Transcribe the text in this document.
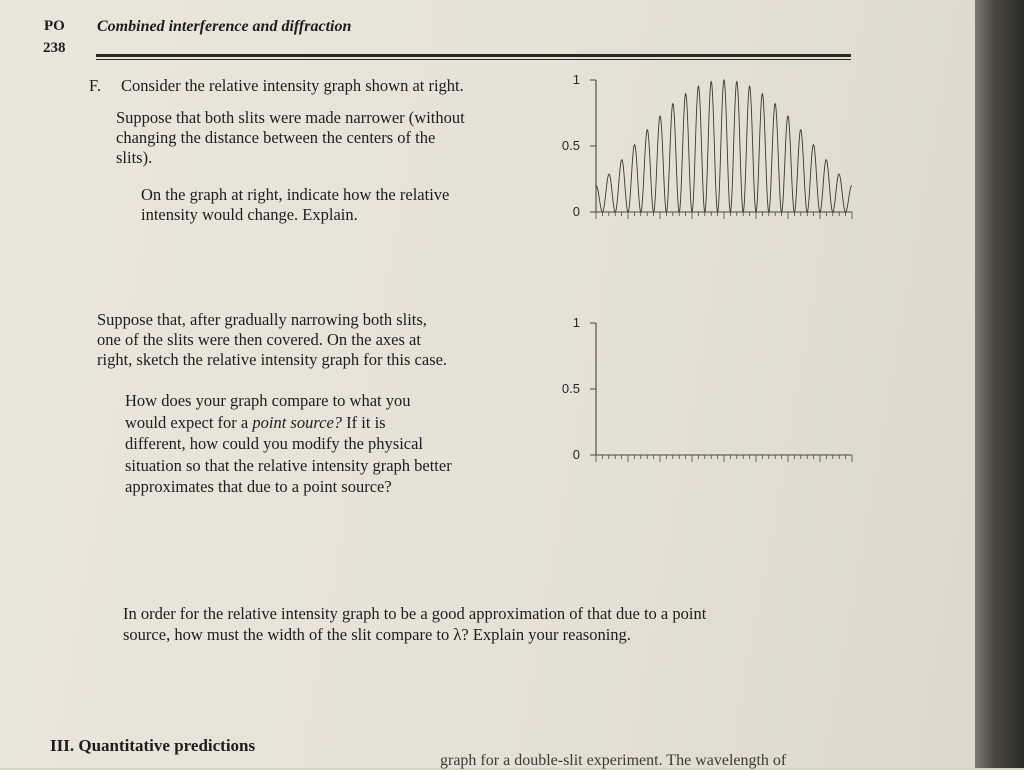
PO
238
Combined interference and diffraction
F. Consider the relative intensity graph shown at right.

Suppose that both slits were made narrower (without

changing the distance between the centers of the

slits).

On the graph at right, indicate how the relative

intensity would change. Explain.

Suppose that, after gradually narrowing both slits,

one of the slits were then covered. On the axes at

right, sketch the relative intensity graph for this case.

How does your graph compare to what you

would expect for a point source? If it is

different, how could you modify the physical

situation so that the relative intensity graph better

approximates that due to a point source?

In order for the relative intensity graph to be a good approximation of that due to a point

source, how must the width of the slit compare to λ? Explain your reasoning.

III. Quantitative predictions
graph for a double-slit experiment. The wavelength of
0
0.5
1
0
0.5
1
